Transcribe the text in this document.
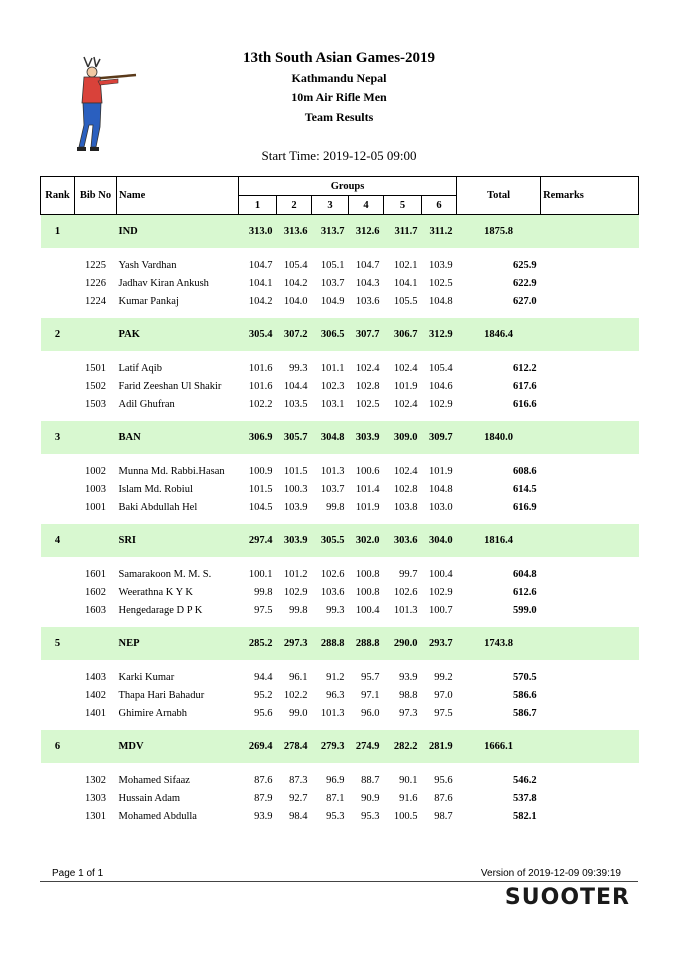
13th South Asian Games-2019
Kathmandu Nepal
10m Air Rifle Men
Team Results
Start Time: 2019-12-05 09:00
Rank	Bib No	Name	Groups						Total	Remarks
			1	2	3	4	5	6		
1		IND	313.0	313.6	313.7	312.6	311.7	311.2	1875.8	

	1225	Yash Vardhan	104.7	105.4	105.1	104.7	102.1	103.9	625.9	
	1226	Jadhav Kiran Ankush	104.1	104.2	103.7	104.3	104.1	102.5	622.9	
	1224	Kumar Pankaj	104.2	104.0	104.9	103.6	105.5	104.8	627.0	

2		PAK	305.4	307.2	306.5	307.7	306.7	312.9	1846.4	

	1501	Latif Aqib	101.6	99.3	101.1	102.4	102.4	105.4	612.2	
	1502	Farid Zeeshan Ul Shakir	101.6	104.4	102.3	102.8	101.9	104.6	617.6	
	1503	Adil Ghufran	102.2	103.5	103.1	102.5	102.4	102.9	616.6	

3		BAN	306.9	305.7	304.8	303.9	309.0	309.7	1840.0	

	1002	Munna Md. Rabbi.Hasan	100.9	101.5	101.3	100.6	102.4	101.9	608.6	
	1003	Islam Md. Robiul	101.5	100.3	103.7	101.4	102.8	104.8	614.5	
	1001	Baki Abdullah Hel	104.5	103.9	99.8	101.9	103.8	103.0	616.9	

4		SRI	297.4	303.9	305.5	302.0	303.6	304.0	1816.4	

	1601	Samarakoon M. M. S.	100.1	101.2	102.6	100.8	99.7	100.4	604.8	
	1602	Weerathna K Y K	99.8	102.9	103.6	100.8	102.6	102.9	612.6	
	1603	Hengedarage D P K	97.5	99.8	99.3	100.4	101.3	100.7	599.0	

5		NEP	285.2	297.3	288.8	288.8	290.0	293.7	1743.8	

	1403	Karki Kumar	94.4	96.1	91.2	95.7	93.9	99.2	570.5	
	1402	Thapa Hari Bahadur	95.2	102.2	96.3	97.1	98.8	97.0	586.6	
	1401	Ghimire Arnabh	95.6	99.0	101.3	96.0	97.3	97.5	586.7	

6		MDV	269.4	278.4	279.3	274.9	282.2	281.9	1666.1	

	1302	Mohamed Sifaaz	87.6	87.3	96.9	88.7	90.1	95.6	546.2	
	1303	Hussain Adam	87.9	92.7	87.1	90.9	91.6	87.6	537.8	
	1301	Mohamed Abdulla	93.9	98.4	95.3	95.3	100.5	98.7	582.1	
Page 1 of 1	Version of 2019-12-09 09:39:19
SUOOTER
